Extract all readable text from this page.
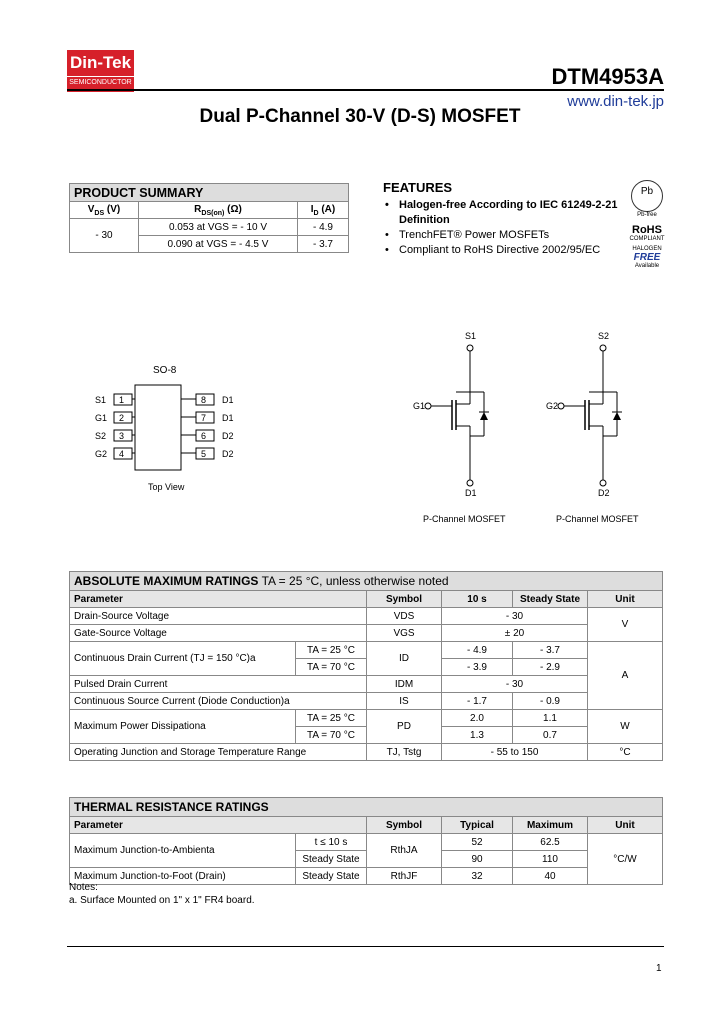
Din-Tek
SEMICONDUCTOR	DTM4953A
www.din-tek.jp
Dual P-Channel 30-V (D-S) MOSFET
PRODUCT SUMMARY		
$V_{DS}$ (V)	$R_{DS(on)}$ (Ω)	$I_D$ (A)
- 30	0.053 at VGS = - 10 V	- 4.9
	0.090 at VGS = - 4.5 V	- 3.7
FEATURES
• Halogen-free According to IEC 61249-2-21 Definition
• TrenchFET® Power MOSFETs
• Compliant to RoHS Directive 2002/95/EC
Pb
Pb-free
RoHS
COMPLIANT
HALOGEN
FREE
Available
SO-8
S1
G1
S2
G2
1
2
3
4
8
7
6
5
D1
D1
D2
D2
Top View
S1
G1
D1
P-Channel MOSFET
S2
G2
D2
P-Channel MOSFET
ABSOLUTE MAXIMUM RATINGS TA = 25 °C, unless otherwise noted					
Parameter		Symbol	10 s	Steady State	Unit
Drain-Source Voltage		VDS	- 30		V
Gate-Source Voltage		VGS	± 20		
Continuous Drain Current (TJ = 150 °C)a	TA = 25 °C	ID	- 4.9	- 3.7	A
	TA = 70 °C		- 3.9	- 2.9	
Pulsed Drain Current		IDM	- 30		
Continuous Source Current (Diode Conduction)a		IS	- 1.7	- 0.9	
Maximum Power Dissipationa	TA = 25 °C	PD	2.0	1.1	W
	TA = 70 °C		1.3	0.7	
Operating Junction and Storage Temperature Range		TJ, Tstg	- 55 to 150		°C
THERMAL RESISTANCE RATINGS					
Parameter		Symbol	Typical	Maximum	Unit
Maximum Junction-to-Ambienta	t ≤ 10 s	RthJA	52	62.5	°C/W
	Steady State		90	110	
Maximum Junction-to-Foot (Drain)	Steady State	RthJF	32	40	
Notes:
a. Surface Mounted on 1" x 1" FR4 board.
1
